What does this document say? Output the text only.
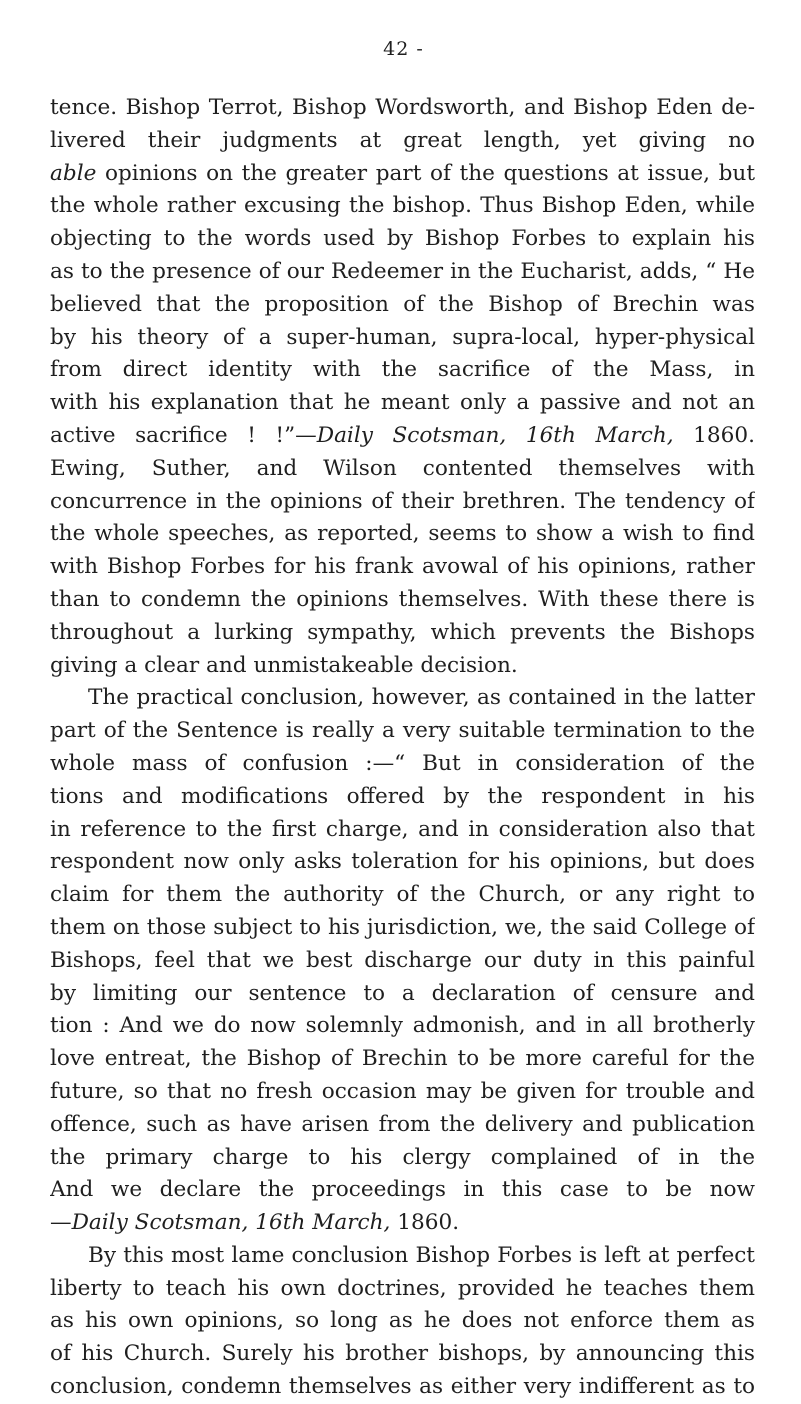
42 -
tence. Bishop Terrot, Bishop Wordsworth, and Bishop Eden de-
livered their judgments at great length, yet giving no
able opinions on the greater part of the questions at issue, but
the whole rather excusing the bishop. Thus Bishop Eden, while
objecting to the words used by Bishop Forbes to explain his
as to the presence of our Redeemer in the Eucharist, adds, “ He
believed that the proposition of the Bishop of Brechin was
by his theory of a super-human, supra-local, hyper-physical
from direct identity with the sacrifice of the Mass, in
with his explanation that he meant only a passive and not an
active sacrifice ! !”—Daily Scotsman, 16th March, 1860.
Ewing, Suther, and Wilson contented themselves with
concurrence in the opinions of their brethren. The tendency of
the whole speeches, as reported, seems to show a wish to find
with Bishop Forbes for his frank avowal of his opinions, rather
than to condemn the opinions themselves. With these there is
throughout a lurking sympathy, which prevents the Bishops
giving a clear and unmistakeable decision.
The practical conclusion, however, as contained in the latter
part of the Sentence is really a very suitable termination to the
whole mass of confusion :—“ But in consideration of the
tions and modifications offered by the respondent in his
in reference to the first charge, and in consideration also that
respondent now only asks toleration for his opinions, but does
claim for them the authority of the Church, or any right to
them on those subject to his jurisdiction, we, the said College of
Bishops, feel that we best discharge our duty in this painful
by limiting our sentence to a declaration of censure and
tion : And we do now solemnly admonish, and in all brotherly
love entreat, the Bishop of Brechin to be more careful for the
future, so that no fresh occasion may be given for trouble and
offence, such as have arisen from the delivery and publication
the primary charge to his clergy complained of in the
And we declare the proceedings in this case to be now
—Daily Scotsman, 16th March, 1860.
By this most lame conclusion Bishop Forbes is left at perfect
liberty to teach his own doctrines, provided he teaches them
as his own opinions, so long as he does not enforce them as
of his Church. Surely his brother bishops, by announcing this
conclusion, condemn themselves as either very indifferent as to
